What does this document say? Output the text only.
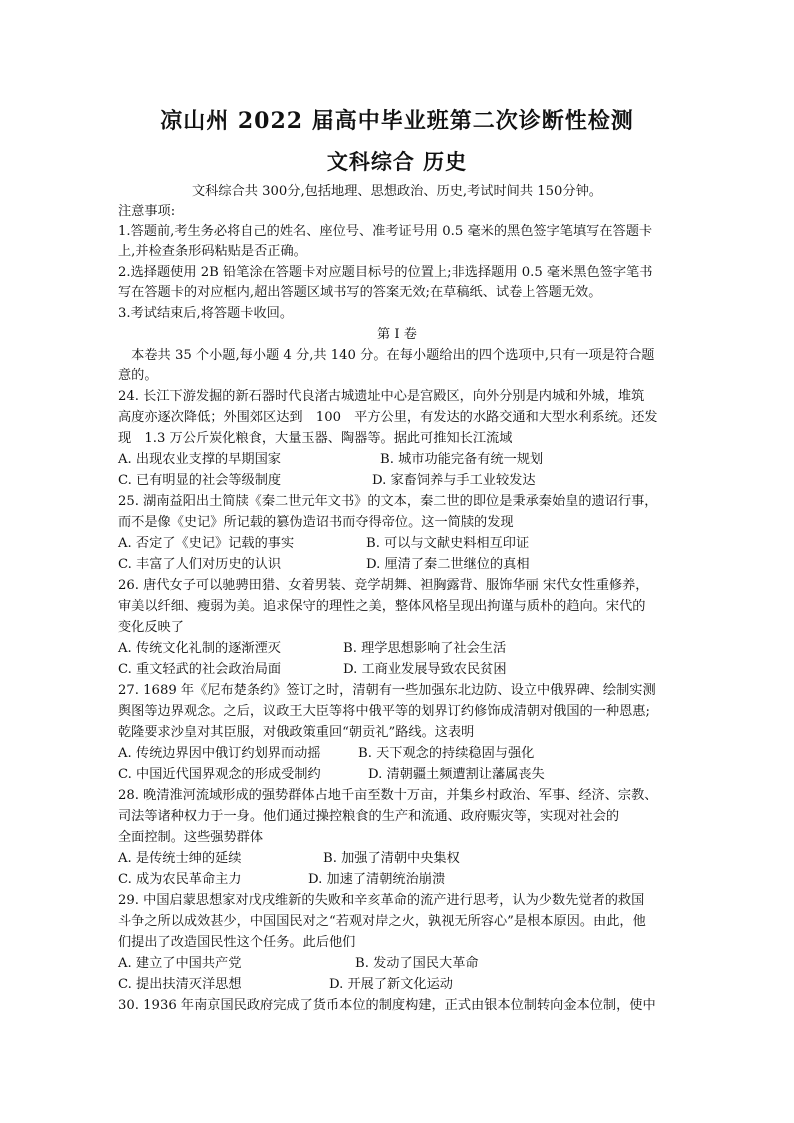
凉山州 2022 届高中毕业班第二次诊断性检测
文科综合 历史
文科综合共 300分,包括地理、思想政治、历史,考试时间共 150分钟。
注意事项:
1.答题前,考生务必将自己的姓名、座位号、准考证号用 0.5 毫米的黑色签字笔填写在答题卡
上,并检查条形码粘贴是否正确。
2.选择题使用 2B 铅笔涂在答题卡对应题目标号的位置上;非选择题用 0.5 毫米黑色签字笔书
写在答题卡的对应框内,超出答题区域书写的答案无效;在草稿纸、试卷上答题无效。
3.考试结束后,将答题卡收回。
第 I 卷
　本卷共 35 个小题,每小题 4 分,共 140 分。在每小题给出的四个选项中,只有一项是符合题
意的。
24. 长江下游发掘的新石器时代良渚古城遗址中心是宫殿区，向外分别是内城和外城，堆筑
高度亦逐次降低；外围郊区达到　100　平方公里，有发达的水路交通和大型水利系统。还发
现　1.3 万公斤炭化粮食，大量玉器、陶器等。据此可推知长江流域
A. 出现农业支撑的早期国家	B. 城市功能完备有统一规划
C. 已有明显的社会等级制度	D. 家畜饲养与手工业较发达
25. 湖南益阳出土简牍《秦二世元年文书》的文本，秦二世的即位是秉承秦始皇的遗诏行事，
而不是像《史记》所记载的篡伪造诏书而夺得帝位。这一简牍的发现
A. 否定了《史记》记载的事实	B. 可以与文献史料相互印证
C. 丰富了人们对历史的认识	D. 厘清了秦二世继位的真相
26. 唐代女子可以驰骋田猎、女着男装、竞学胡舞、袒胸露背、服饰华丽 宋代女性重修养，
审美以纤细、瘦弱为美。追求保守的理性之美，整体风格呈现出拘谨与质朴的趋向。宋代的
变化反映了
A. 传统文化礼制的逐渐湮灭	B. 理学思想影响了社会生活
C. 重文轻武的社会政治局面	D. 工商业发展导致农民贫困
27. 1689 年《尼布楚条约》签订之时，清朝有一些加强东北边防、设立中俄界碑、绘制实测
舆图等边界观念。之后，议政王大臣等将中俄平等的划界订约修饰成清朝对俄国的一种恩惠;
乾隆要求沙皇对其臣服，对俄政策重回“朝贡礼”路线。这表明
A. 传统边界因中俄订约划界而动摇	B. 天下观念的持续稳固与强化
C. 中国近代国界观念的形成受制约	D. 清朝疆土频遭割让藩属丧失
28. 晚清淮河流域形成的强势群体占地千亩至数十万亩，并集乡村政治、军事、经济、宗教、
司法等诸种权力于一身。他们通过操控粮食的生产和流通、政府赈灾等，实现对社会的
全面控制。这些强势群体
A. 是传统士绅的延续	B. 加强了清朝中央集权
C. 成为农民革命主力	D. 加速了清朝统治崩溃
29. 中国启蒙思想家对戊戌维新的失败和辛亥革命的流产进行思考，认为少数先觉者的救国
斗争之所以成效甚少，中国国民对之“若观对岸之火，孰视无所容心”是根本原因。由此，他
们提出了改造国民性这个任务。此后他们
A. 建立了中国共产党	B. 发动了国民大革命
C. 提出扶清灭洋思想	D. 开展了新文化运动
30. 1936 年南京国民政府完成了货币本位的制度构建，正式由银本位制转向金本位制，使中
